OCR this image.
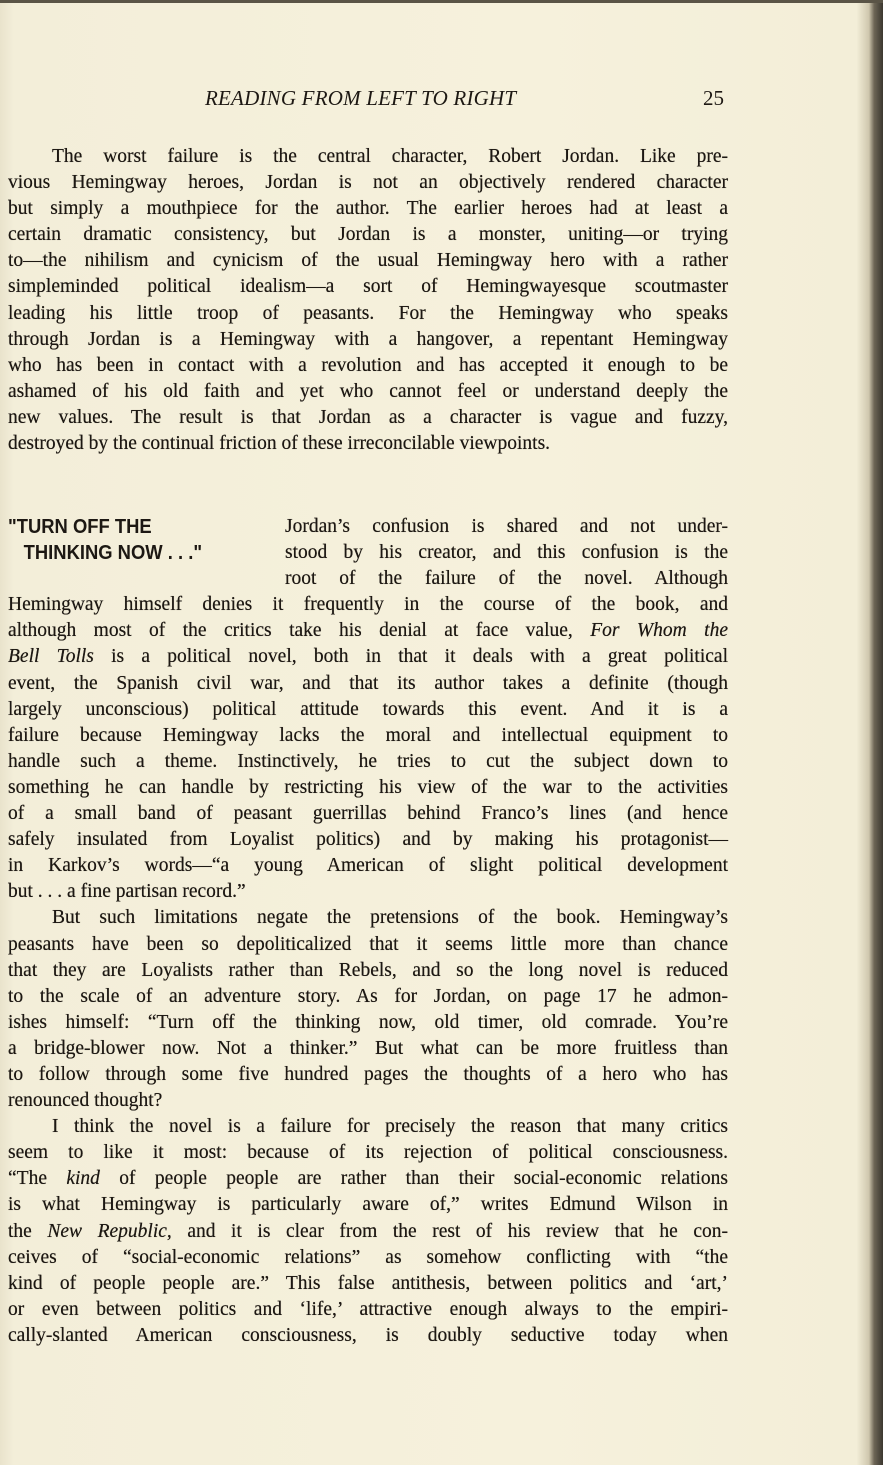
READING FROM LEFT TO RIGHT	25
The worst failure is the central character, Robert Jordan. Like pre-
vious Hemingway heroes, Jordan is not an objectively rendered character
but simply a mouthpiece for the author. The earlier heroes had at least a
certain dramatic consistency, but Jordan is a monster, uniting—or trying
to—the nihilism and cynicism of the usual Hemingway hero with a rather
simpleminded political idealism—a sort of Hemingwayesque scoutmaster
leading his little troop of peasants. For the Hemingway who speaks
through Jordan is a Hemingway with a hangover, a repentant Hemingway
who has been in contact with a revolution and has accepted it enough to be
ashamed of his old faith and yet who cannot feel or understand deeply the
new values. The result is that Jordan as a character is vague and fuzzy,
destroyed by the continual friction of these irreconcilable viewpoints.
"TURN OFF THE
THINKING NOW . . ."
Jordan’s confusion is shared and not under-
stood by his creator, and this confusion is the
root of the failure of the novel. Although
Hemingway himself denies it frequently in the course of the book, and
although most of the critics take his denial at face value, For Whom the
Bell Tolls is a political novel, both in that it deals with a great political
event, the Spanish civil war, and that its author takes a definite (though
largely unconscious) political attitude towards this event. And it is a
failure because Hemingway lacks the moral and intellectual equipment to
handle such a theme. Instinctively, he tries to cut the subject down to
something he can handle by restricting his view of the war to the activities
of a small band of peasant guerrillas behind Franco’s lines (and hence
safely insulated from Loyalist politics) and by making his protagonist—
in Karkov’s words—“a young American of slight political development
but . . . a fine partisan record.”
But such limitations negate the pretensions of the book. Hemingway’s
peasants have been so depoliticalized that it seems little more than chance
that they are Loyalists rather than Rebels, and so the long novel is reduced
to the scale of an adventure story. As for Jordan, on page 17 he admon-
ishes himself: “Turn off the thinking now, old timer, old comrade. You’re
a bridge-blower now. Not a thinker.” But what can be more fruitless than
to follow through some five hundred pages the thoughts of a hero who has
renounced thought?
I think the novel is a failure for precisely the reason that many critics
seem to like it most: because of its rejection of political consciousness.
“The kind of people people are rather than their social-economic relations
is what Hemingway is particularly aware of,” writes Edmund Wilson in
the New Republic, and it is clear from the rest of his review that he con-
ceives of “social-economic relations” as somehow conflicting with “the
kind of people people are.” This false antithesis, between politics and ‘art,’
or even between politics and ‘life,’ attractive enough always to the empiri-
cally-slanted American consciousness, is doubly seductive today when
